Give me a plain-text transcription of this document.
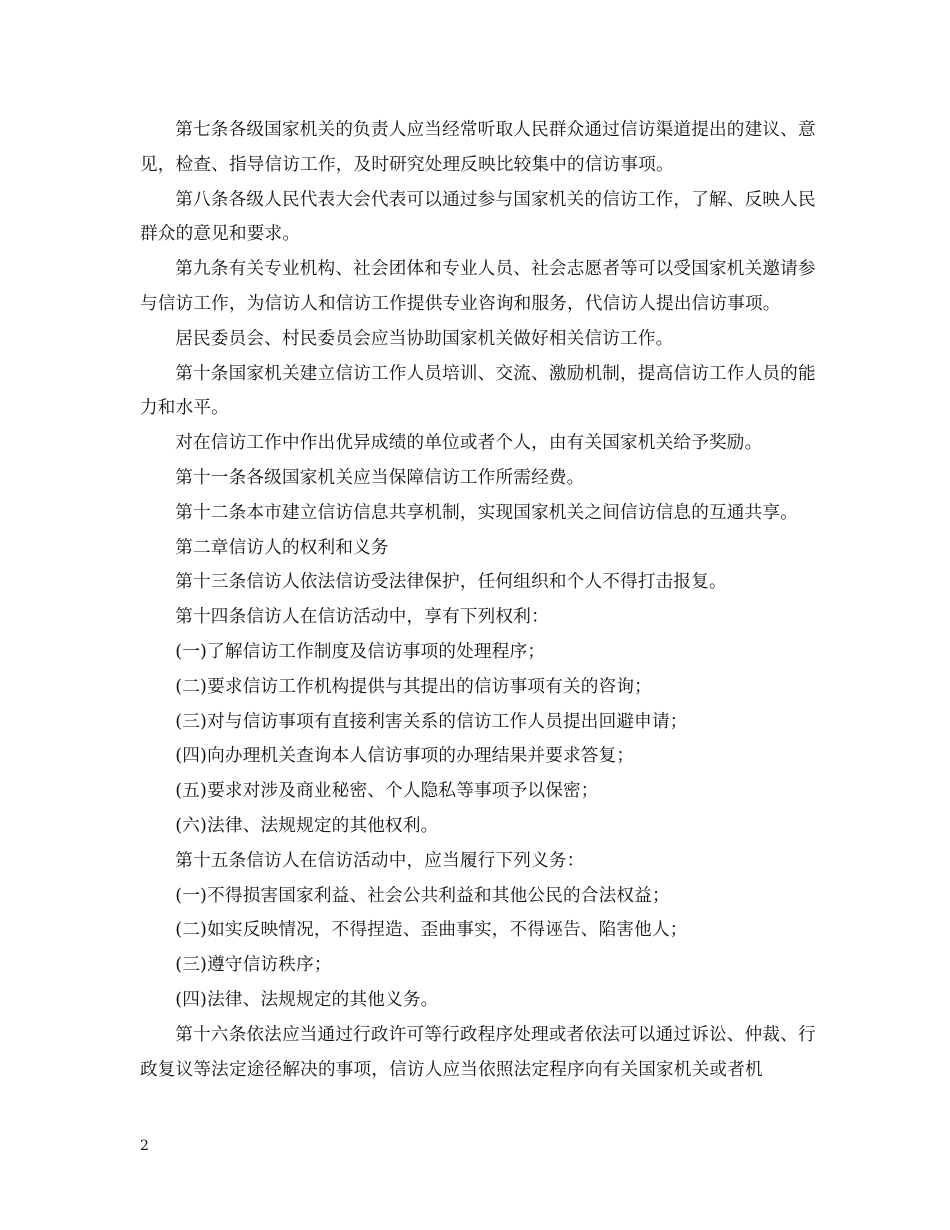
第七条各级国家机关的负责人应当经常听取人民群众通过信访渠道提出的建议、意见，检查、指导信访工作，及时研究处理反映比较集中的信访事项。

第八条各级人民代表大会代表可以通过参与国家机关的信访工作，了解、反映人民群众的意见和要求。

第九条有关专业机构、社会团体和专业人员、社会志愿者等可以受国家机关邀请参与信访工作，为信访人和信访工作提供专业咨询和服务，代信访人提出信访事项。

居民委员会、村民委员会应当协助国家机关做好相关信访工作。

第十条国家机关建立信访工作人员培训、交流、激励机制，提高信访工作人员的能力和水平。

对在信访工作中作出优异成绩的单位或者个人，由有关国家机关给予奖励。

第十一条各级国家机关应当保障信访工作所需经费。

第十二条本市建立信访信息共享机制，实现国家机关之间信访信息的互通共享。

第二章信访人的权利和义务

第十三条信访人依法信访受法律保护，任何组织和个人不得打击报复。

第十四条信访人在信访活动中，享有下列权利：

(一)了解信访工作制度及信访事项的处理程序；

(二)要求信访工作机构提供与其提出的信访事项有关的咨询；

(三)对与信访事项有直接利害关系的信访工作人员提出回避申请；

(四)向办理机关查询本人信访事项的办理结果并要求答复；

(五)要求对涉及商业秘密、个人隐私等事项予以保密；

(六)法律、法规规定的其他权利。

第十五条信访人在信访活动中，应当履行下列义务：

(一)不得损害国家利益、社会公共利益和其他公民的合法权益；

(二)如实反映情况，不得捏造、歪曲事实，不得诬告、陷害他人；

(三)遵守信访秩序；

(四)法律、法规规定的其他义务。

第十六条依法应当通过行政许可等行政程序处理或者依法可以通过诉讼、仲裁、行政复议等法定途径解决的事项，信访人应当依照法定程序向有关国家机关或者机

2
